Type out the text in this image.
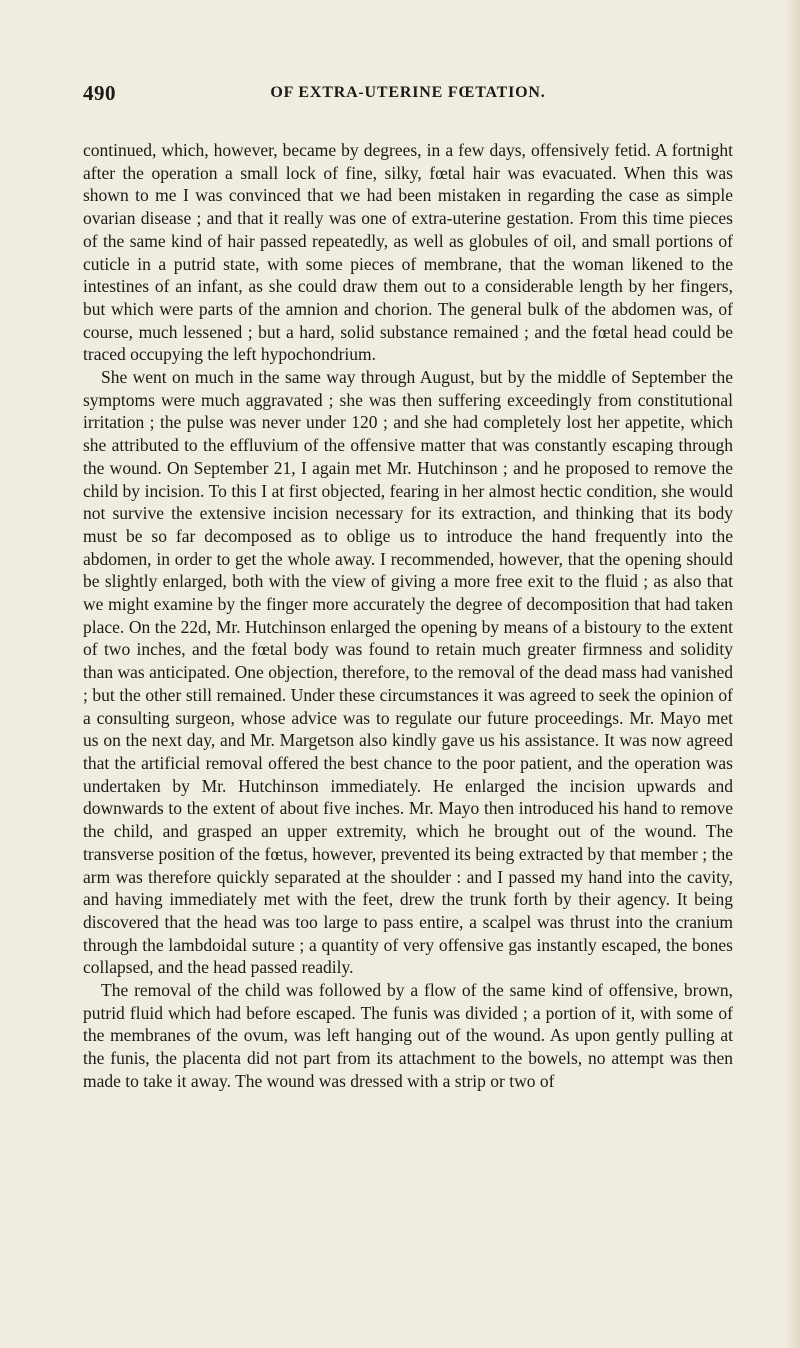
490	OF EXTRA-UTERINE FŒTATION.

continued, which, however, became by degrees, in a few days, offensively fetid. A fortnight after the operation a small lock of fine, silky, fœtal hair was evacuated. When this was shown to me I was convinced that we had been mistaken in regarding the case as simple ovarian disease ; and that it really was one of extra-uterine gestation. From this time pieces of the same kind of hair passed repeatedly, as well as globules of oil, and small portions of cuticle in a putrid state, with some pieces of membrane, that the woman likened to the intestines of an infant, as she could draw them out to a considerable length by her fingers, but which were parts of the amnion and chorion. The general bulk of the abdomen was, of course, much lessened ; but a hard, solid substance remained ; and the fœtal head could be traced occupying the left hypochondrium.

She went on much in the same way through August, but by the middle of September the symptoms were much aggravated ; she was then suffering exceedingly from constitutional irritation ; the pulse was never under 120 ; and she had completely lost her appetite, which she attributed to the effluvium of the offensive matter that was constantly escaping through the wound. On September 21, I again met Mr. Hutchinson ; and he proposed to remove the child by incision. To this I at first objected, fearing in her almost hectic condition, she would not survive the extensive incision necessary for its extraction, and thinking that its body must be so far decomposed as to oblige us to introduce the hand frequently into the abdomen, in order to get the whole away. I recommended, however, that the opening should be slightly enlarged, both with the view of giving a more free exit to the fluid ; as also that we might examine by the finger more accurately the degree of decomposition that had taken place. On the 22d, Mr. Hutchinson enlarged the opening by means of a bistoury to the extent of two inches, and the fœtal body was found to retain much greater firmness and solidity than was anticipated. One objection, therefore, to the removal of the dead mass had vanished ; but the other still remained. Under these circumstances it was agreed to seek the opinion of a consulting surgeon, whose advice was to regulate our future proceedings. Mr. Mayo met us on the next day, and Mr. Margetson also kindly gave us his assistance. It was now agreed that the artificial removal offered the best chance to the poor patient, and the operation was undertaken by Mr. Hutchinson immediately. He enlarged the incision upwards and downwards to the extent of about five inches. Mr. Mayo then introduced his hand to remove the child, and grasped an upper extremity, which he brought out of the wound. The transverse position of the fœtus, however, prevented its being extracted by that member ; the arm was therefore quickly separated at the shoulder : and I passed my hand into the cavity, and having immediately met with the feet, drew the trunk forth by their agency. It being discovered that the head was too large to pass entire, a scalpel was thrust into the cranium through the lambdoidal suture ; a quantity of very offensive gas instantly escaped, the bones collapsed, and the head passed readily.

The removal of the child was followed by a flow of the same kind of offensive, brown, putrid fluid which had before escaped. The funis was divided ; a portion of it, with some of the membranes of the ovum, was left hanging out of the wound. As upon gently pulling at the funis, the placenta did not part from its attachment to the bowels, no attempt was then made to take it away. The wound was dressed with a strip or two of
